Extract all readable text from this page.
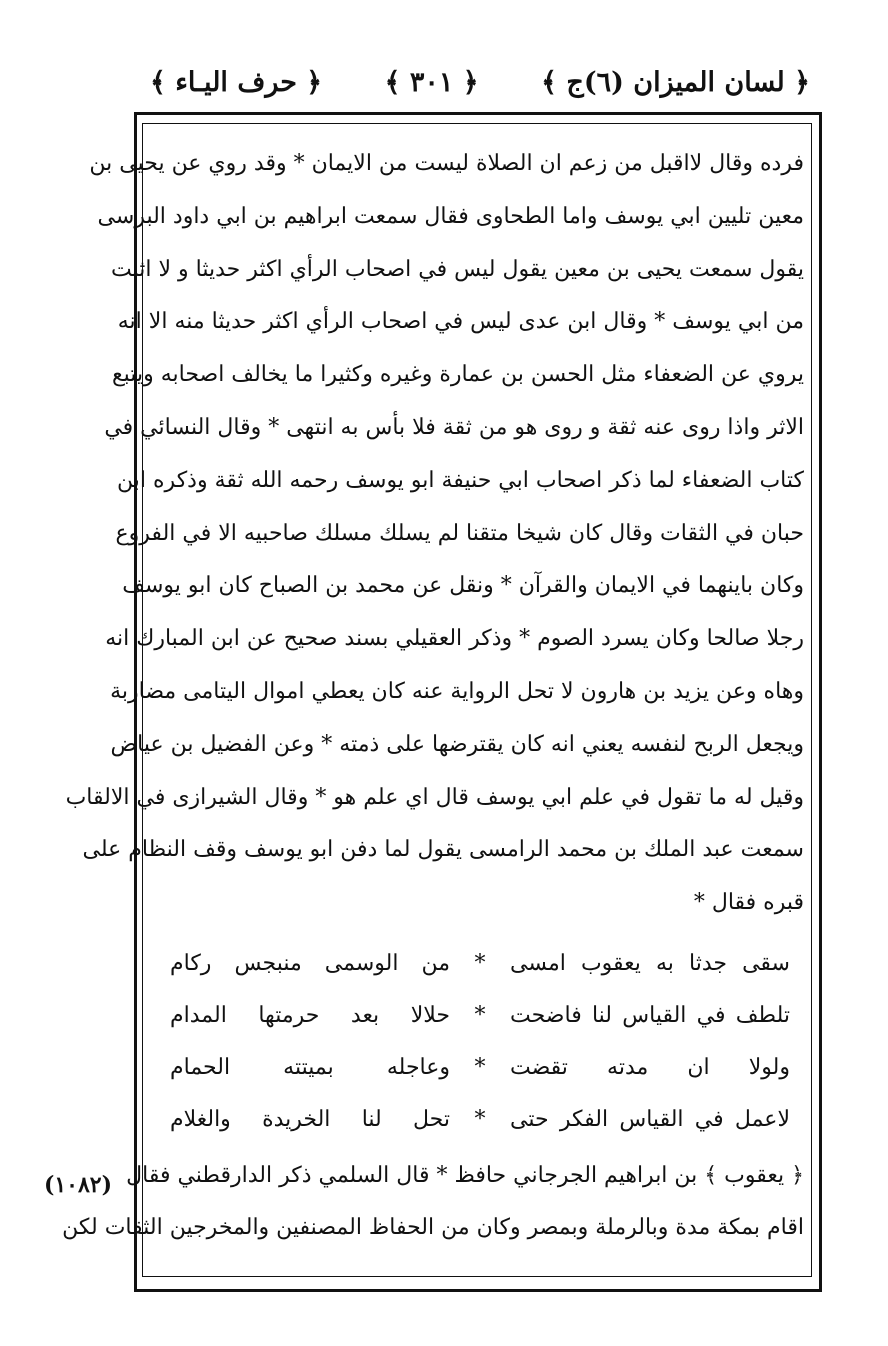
﴿ لسان الميزان (٦)ج ﴾
﴿ ٣٠١ ﴾
﴿ حرف اليـاء ﴾
فرده وقال لااقبل من زعم ان الصلاة ليست من الايمان * وقد روي عن يحيى بن
معين تليين ابي يوسف واما الطحاوى فقال سمعت ابراهيم بن ابي داود البرسى
يقول سمعت يحيى بن معين يقول ليس في اصحاب الرأي اكثر حديثا و لا اثبت
من ابي يوسف * وقال ابن عدى ليس في اصحاب الرأي اكثر حديثا منه الا انه
يروي عن الضعفاء مثل الحسن بن عمارة وغيره وكثيرا ما يخالف اصحابه ويتبع
الاثر واذا روى عنه ثقة و روى هو من ثقة فلا بأس به انتهى * وقال النسائي في
كتاب الضعفاء لما ذكر اصحاب ابي حنيفة ابو يوسف رحمه الله ثقة وذكره ابن
حبان في الثقات وقال كان شيخا متقنا لم يسلك مسلك صاحبيه الا في الفروع
وكان باينهما في الايمان والقرآن * ونقل عن محمد بن الصباح كان ابو يوسف
رجلا صالحا وكان يسرد الصوم * وذكر العقيلي بسند صحيح عن ابن المبارك انه
وهاه وعن يزيد بن هارون لا تحل الرواية عنه كان يعطي اموال اليتامى مضاربة
ويجعل الربح لنفسه يعني انه كان يقترضها على ذمته * وعن الفضيل بن عياض
وقيل له ما تقول في علم ابي يوسف قال اي علم هو * وقال الشيرازى في الالقاب
سمعت عبد الملك بن محمد الرامسى يقول لما دفن ابو يوسف وقف النظام على
قبره فقال *
سقى جدثا به يعقوب امسى
*
من الوسمى منبجس ركام
تلطف في القياس لنا فاضحت
*
حلالا بعد حرمتها المدام
ولولا ان مدته تقضت
*
وعاجله بميتته الحمام
لاعمل في القياس الفكر حتى
*
تحل لنا الخريدة والغلام
﴿ يعقوب ﴾ بن ابراهيم الجرجاني حافظ * قال السلمي ذكر الدارقطني فقال
اقام بمكة مدة وبالرملة وبمصر وكان من الحفاظ المصنفين والمخرجين الثقات لكن
(١٠٨٢)
